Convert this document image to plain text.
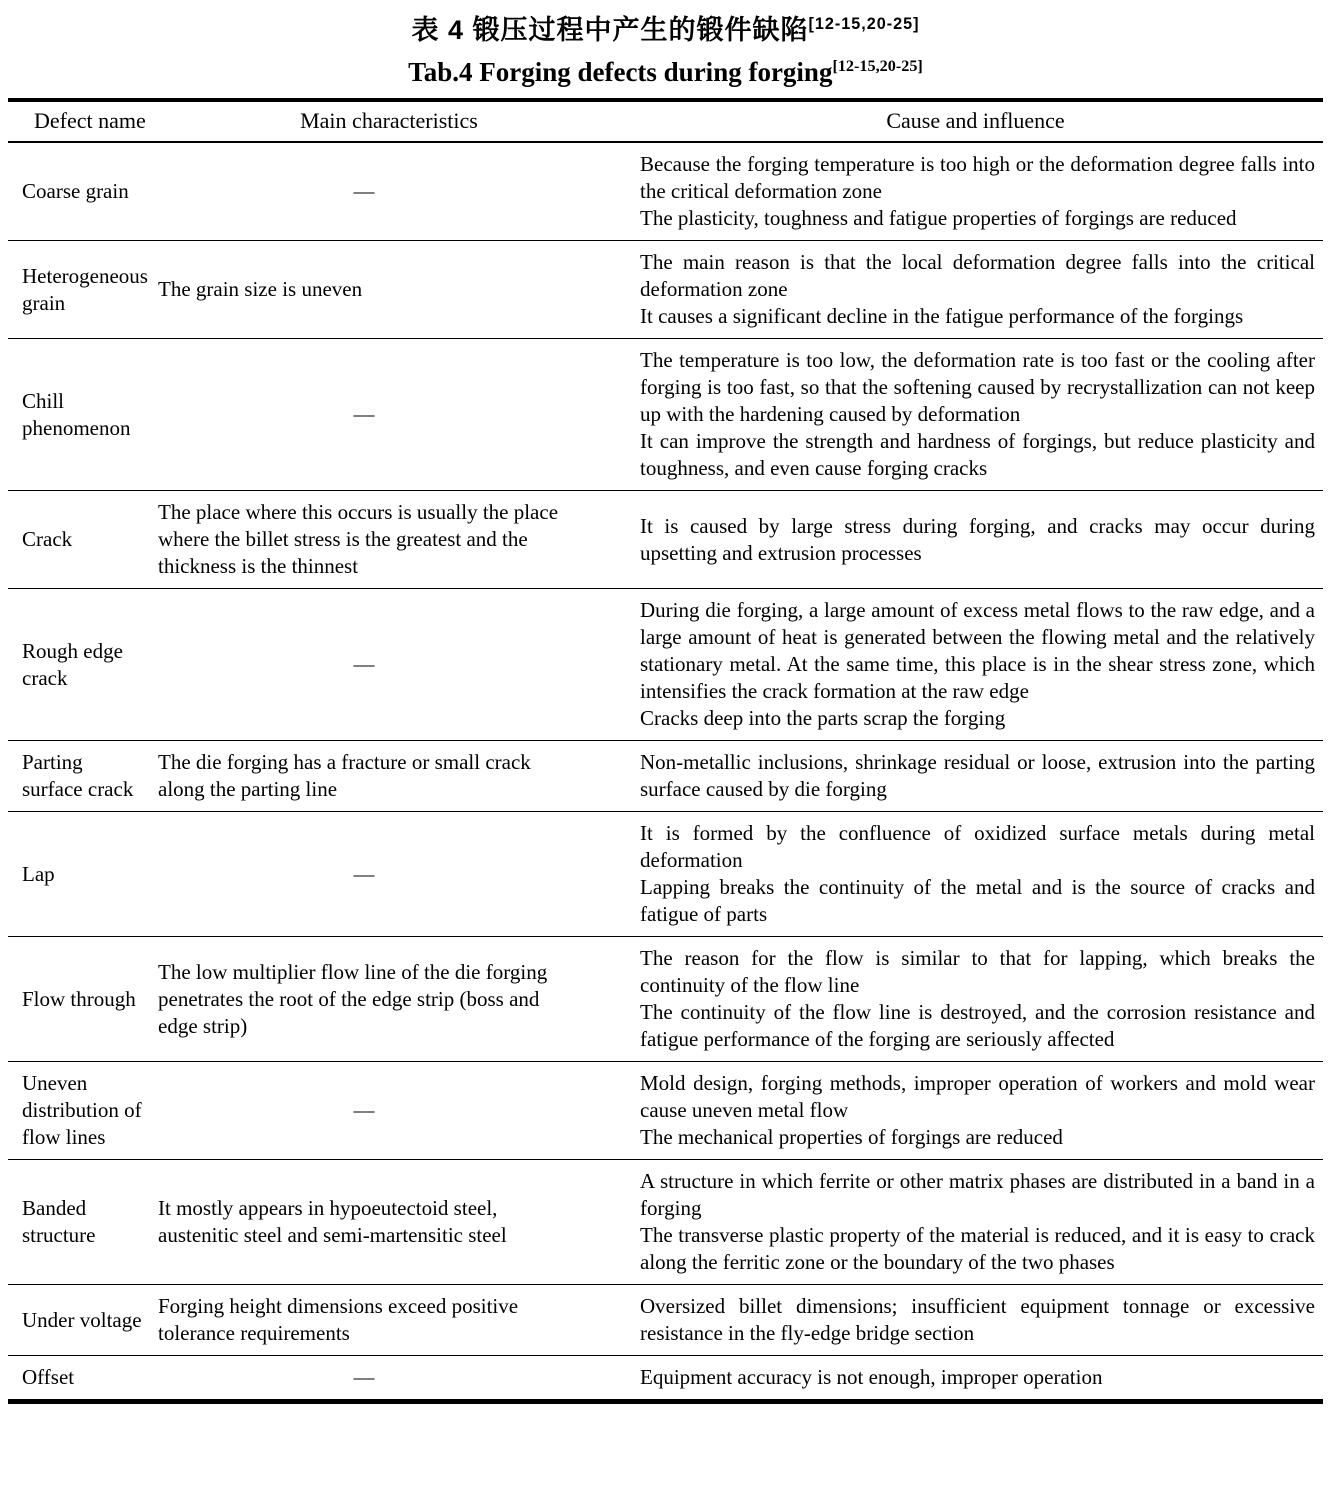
表 4 锻压过程中产生的锻件缺陷[12-15,20-25]
Tab.4 Forging defects during forging[12-15,20-25]
Defect name	Main characteristics	Cause and influence
Coarse grain	—	Because the forging temperature is too high or the deformation degree falls into the critical deformation zone
The plasticity, toughness and fatigue properties of forgings are reduced

Heterogeneous grain	The grain size is uneven	The main reason is that the local deformation degree falls into the critical deformation zone
It causes a significant decline in the fatigue performance of the forgings

Chill phenomenon	—	The temperature is too low, the deformation rate is too fast or the cooling after forging is too fast, so that the softening caused by recrystallization can not keep up with the hardening caused by deformation
It can improve the strength and hardness of forgings, but reduce plasticity and toughness, and even cause forging cracks

Crack	The place where this occurs is usually the place where the billet stress is the greatest and the thickness is the thinnest	It is caused by large stress during forging, and cracks may occur during upsetting and extrusion processes

Rough edge crack	—	During die forging, a large amount of excess metal flows to the raw edge, and a large amount of heat is generated between the flowing metal and the relatively stationary metal. At the same time, this place is in the shear stress zone, which intensifies the crack formation at the raw edge
Cracks deep into the parts scrap the forging

Parting surface crack	The die forging has a fracture or small crack along the parting line	Non-metallic inclusions, shrinkage residual or loose, extrusion into the parting surface caused by die forging

Lap	—	It is formed by the confluence of oxidized surface metals during metal deformation
Lapping breaks the continuity of the metal and is the source of cracks and fatigue of parts

Flow through	The low multiplier flow line of the die forging penetrates the root of the edge strip (boss and edge strip)	The reason for the flow is similar to that for lapping, which breaks the continuity of the flow line
The continuity of the flow line is destroyed, and the corrosion resistance and fatigue performance of the forging are seriously affected

Uneven distribution of flow lines	—	Mold design, forging methods, improper operation of workers and mold wear cause uneven metal flow
The mechanical properties of forgings are reduced

Banded structure	It mostly appears in hypoeutectoid steel, austenitic steel and semi-martensitic steel	A structure in which ferrite or other matrix phases are distributed in a band in a forging
The transverse plastic property of the material is reduced, and it is easy to crack along the ferritic zone or the boundary of the two phases

Under voltage	Forging height dimensions exceed positive tolerance requirements	Oversized billet dimensions; insufficient equipment tonnage or excessive resistance in the fly-edge bridge section

Offset	—	Equipment accuracy is not enough, improper operation
